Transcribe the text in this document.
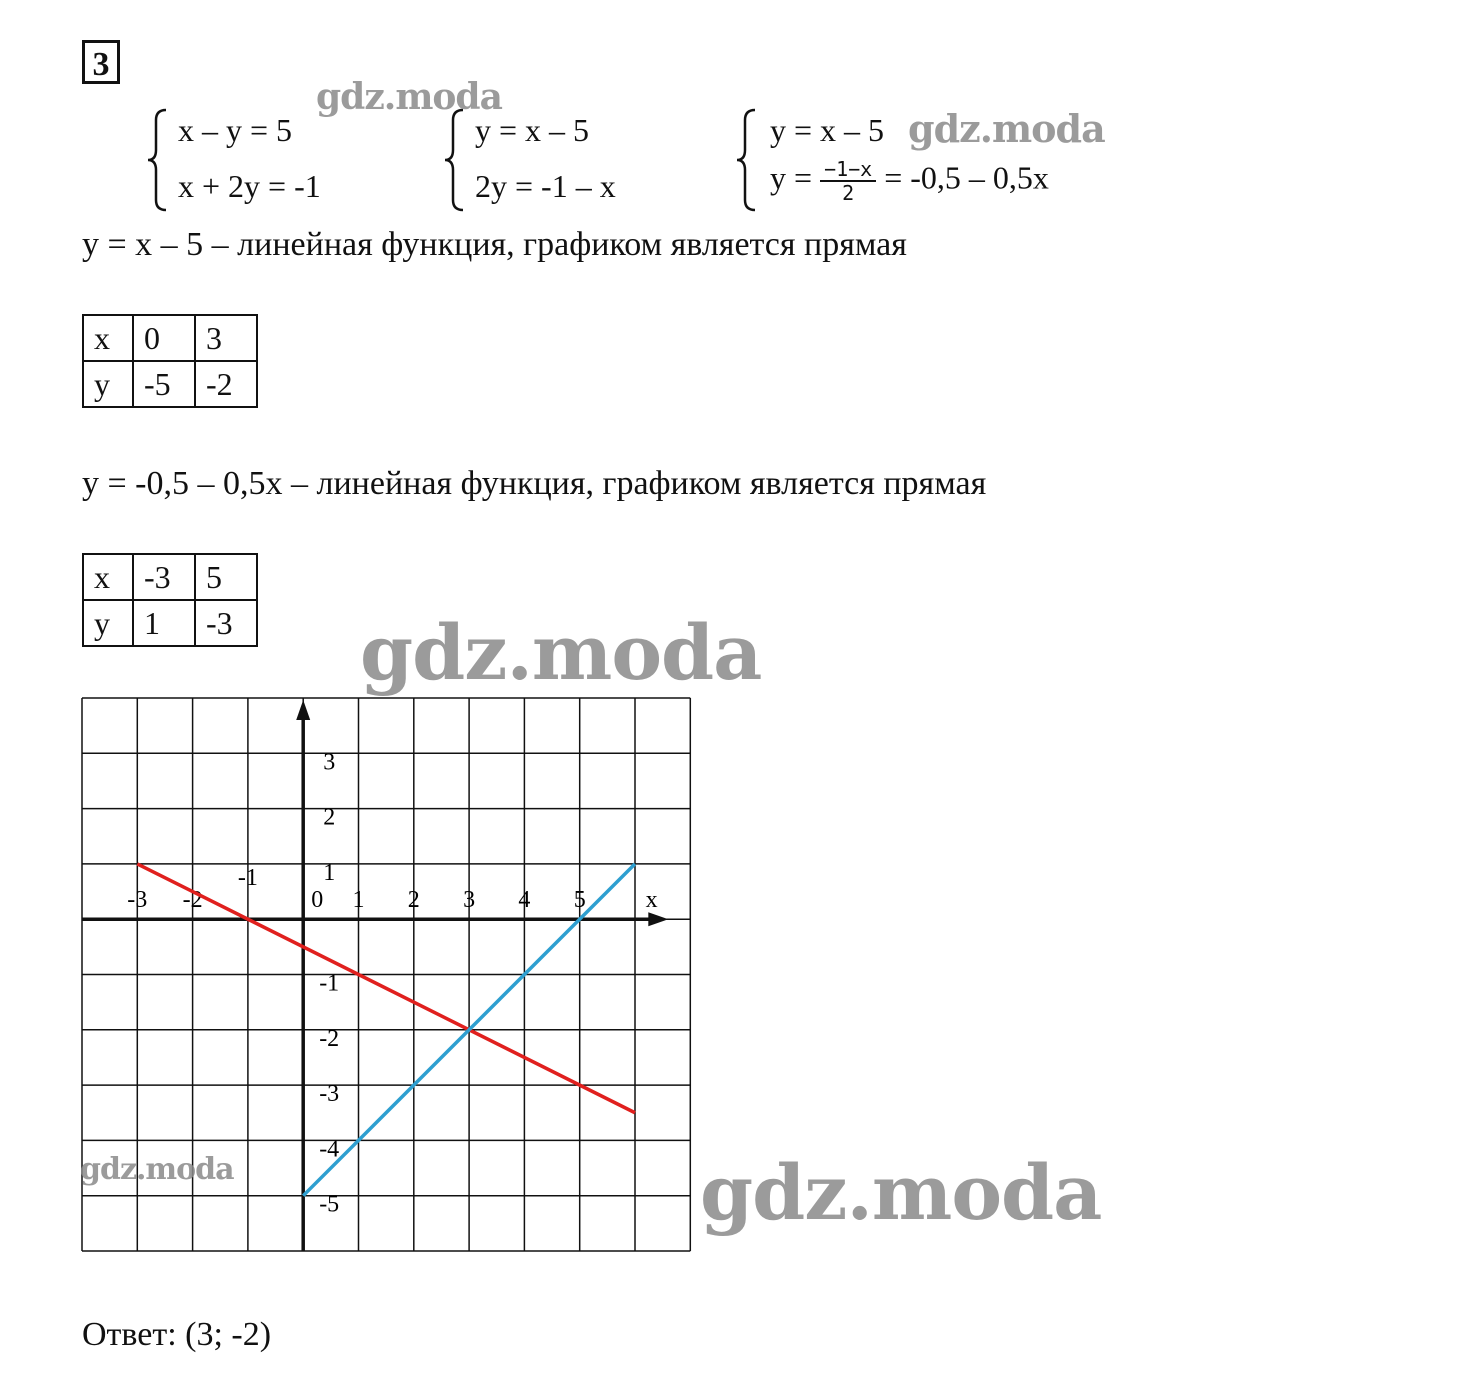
3
x – y = 5
x + 2y = -1
y = x – 5
2y = -1 – x
y = x – 5
$y = \frac{-1-x}{2} = -0,5 - 0,5x$
y = x – 5 – линейная функция, графиком является прямая
x	0	3
y	-5	-2
y = -0,5 – 0,5x – линейная функция, графиком является прямая
x	-3	5
y	1	-3
-3 -2
-1
0 1 2 3 4 5 x
3
2
1
-1
-2
-3
-4
-5
Ответ: (3; -2)
gdz.moda
gdz.moda
gdz.moda
gdz.moda	gdz.moda
